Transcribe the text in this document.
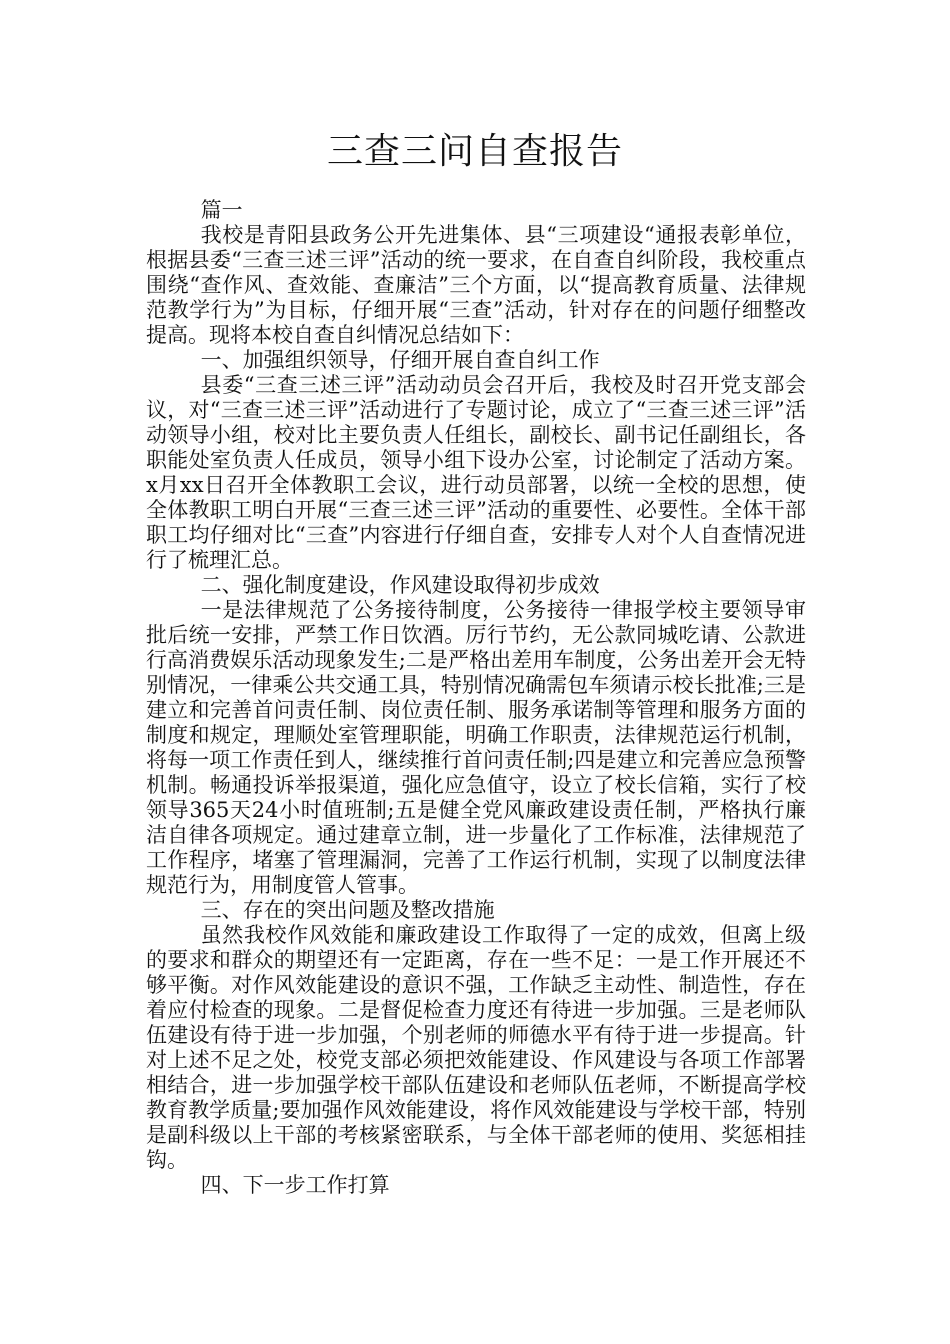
三查三问自查报告

篇一

我校是青阳县政务公开先进集体、县“三项建设“通报表彰单位，根据县委“三查三述三评”活动的统一要求，在自查自纠阶段，我校重点围绕“查作风、查效能、查廉洁”三个方面，以“提高教育质量、法律规范教学行为”为目标，仔细开展“三查”活动，针对存在的问题仔细整改提高。现将本校自查自纠情况总结如下：

一、加强组织领导，仔细开展自查自纠工作

县委“三查三述三评”活动动员会召开后，我校及时召开党支部会议，对“三查三述三评”活动进行了专题讨论，成立了“三查三述三评”活动领导小组，校对比主要负责人任组长，副校长、副书记任副组长，各职能处室负责人任成员，领导小组下设办公室，讨论制定了活动方案。x月xx日召开全体教职工会议，进行动员部署，以统一全校的思想，使全体教职工明白开展“三查三述三评”活动的重要性、必要性。全体干部职工均仔细对比“三查”内容进行仔细自查，安排专人对个人自查情况进行了梳理汇总。

二、强化制度建设，作风建设取得初步成效

一是法律规范了公务接待制度，公务接待一律报学校主要领导审批后统一安排，严禁工作日饮酒。厉行节约，无公款同城吃请、公款进行高消费娱乐活动现象发生;二是严格出差用车制度，公务出差开会无特别情况，一律乘公共交通工具，特别情况确需包车须请示校长批准;三是建立和完善首问责任制、岗位责任制、服务承诺制等管理和服务方面的制度和规定，理顺处室管理职能，明确工作职责，法律规范运行机制，将每一项工作责任到人，继续推行首问责任制;四是建立和完善应急预警机制。畅通投诉举报渠道，强化应急值守，设立了校长信箱，实行了校领导365天24小时值班制;五是健全党风廉政建设责任制，严格执行廉洁自律各项规定。通过建章立制，进一步量化了工作标准，法律规范了工作程序，堵塞了管理漏洞，完善了工作运行机制，实现了以制度法律规范行为，用制度管人管事。

三、存在的突出问题及整改措施

虽然我校作风效能和廉政建设工作取得了一定的成效，但离上级的要求和群众的期望还有一定距离，存在一些不足：一是工作开展还不够平衡。对作风效能建设的意识不强，工作缺乏主动性、制造性，存在着应付检查的现象。二是督促检查力度还有待进一步加强。三是老师队伍建设有待于进一步加强，个别老师的师德水平有待于进一步提高。针对上述不足之处，校党支部必须把效能建设、作风建设与各项工作部署相结合，进一步加强学校干部队伍建设和老师队伍老师，不断提高学校教育教学质量;要加强作风效能建设，将作风效能建设与学校干部，特别是副科级以上干部的考核紧密联系，与全体干部老师的使用、奖惩相挂钩。

四、下一步工作打算
